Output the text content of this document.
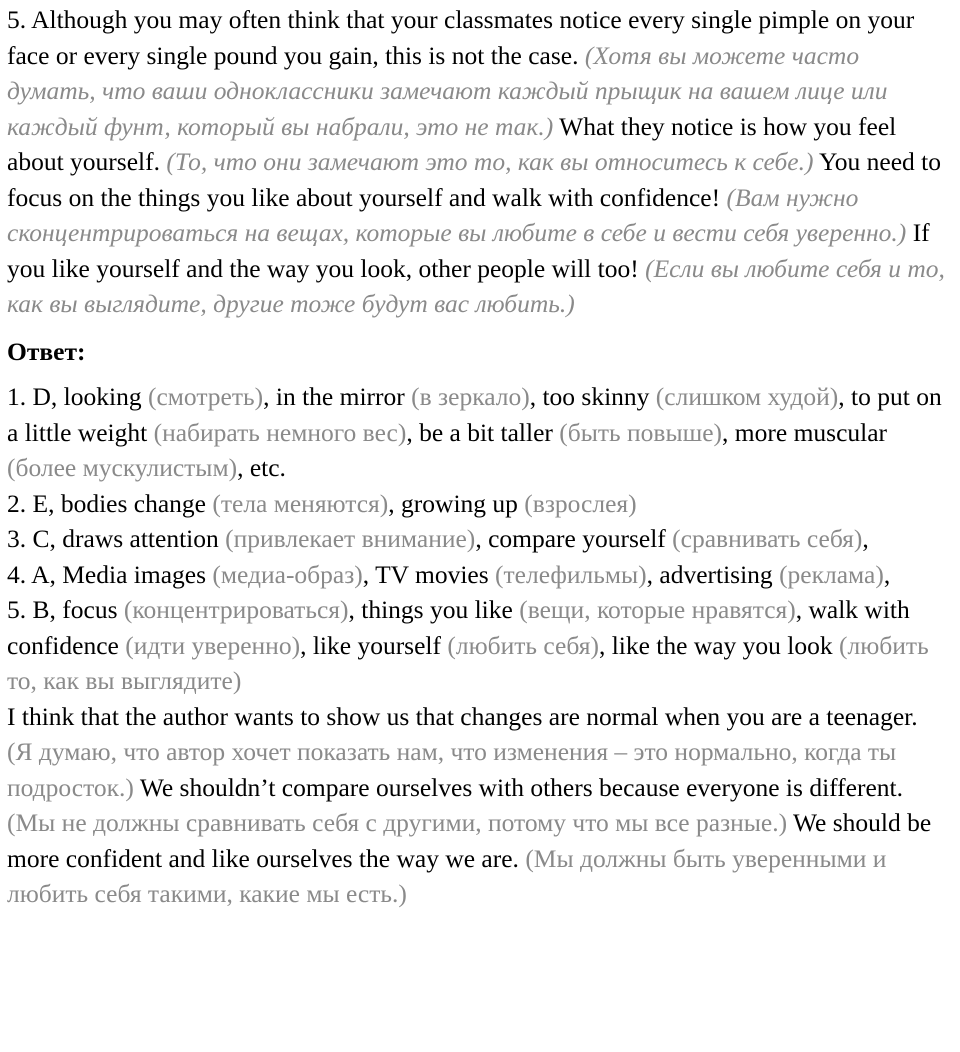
5. Although you may often think that your classmates notice every single pimple on your face or every single pound you gain, this is not the case. (Хотя вы можете часто думать, что ваши одноклассники замечают каждый прыщик на вашем лице или каждый фунт, который вы набрали, это не так.) What they notice is how you feel about yourself. (То, что они замечают это то, как вы относитесь к себе.) You need to focus on the things you like about yourself and walk with confidence! (Вам нужно сконцентрироваться на вещах, которые вы любите в себе и вести себя уверенно.) If you like yourself and the way you look, other people will too! (Если вы любите себя и то, как вы выглядите, другие тоже будут вас любить.)

Ответ:

1. D, looking (смотреть), in the mirror (в зеркало), too skinny (слишком худой), to put on a little weight (набирать немного вес), be a bit taller (быть повыше), more muscular (более мускулистым), etc.

2. E, bodies change (тела меняются), growing up (взрослея)

3. C, draws attention (привлекает внимание), compare yourself (сравнивать себя),

4. A, Media images (медиа-образ), TV movies (телефильмы), advertising (реклама),

5. B, focus (концентрироваться), things you like (вещи, которые нравятся), walk with confidence (идти уверенно), like yourself (любить себя), like the way you look (любить то, как вы выглядите)

I think that the author wants to show us that changes are normal when you are a teenager. (Я думаю, что автор хочет показать нам, что изменения – это нормально, когда ты подросток.) We shouldn’t compare ourselves with others because everyone is different. (Мы не должны сравнивать себя с другими, потому что мы все разные.) We should be more confident and like ourselves the way we are. (Мы должны быть уверенными и любить себя такими, какие мы есть.)
